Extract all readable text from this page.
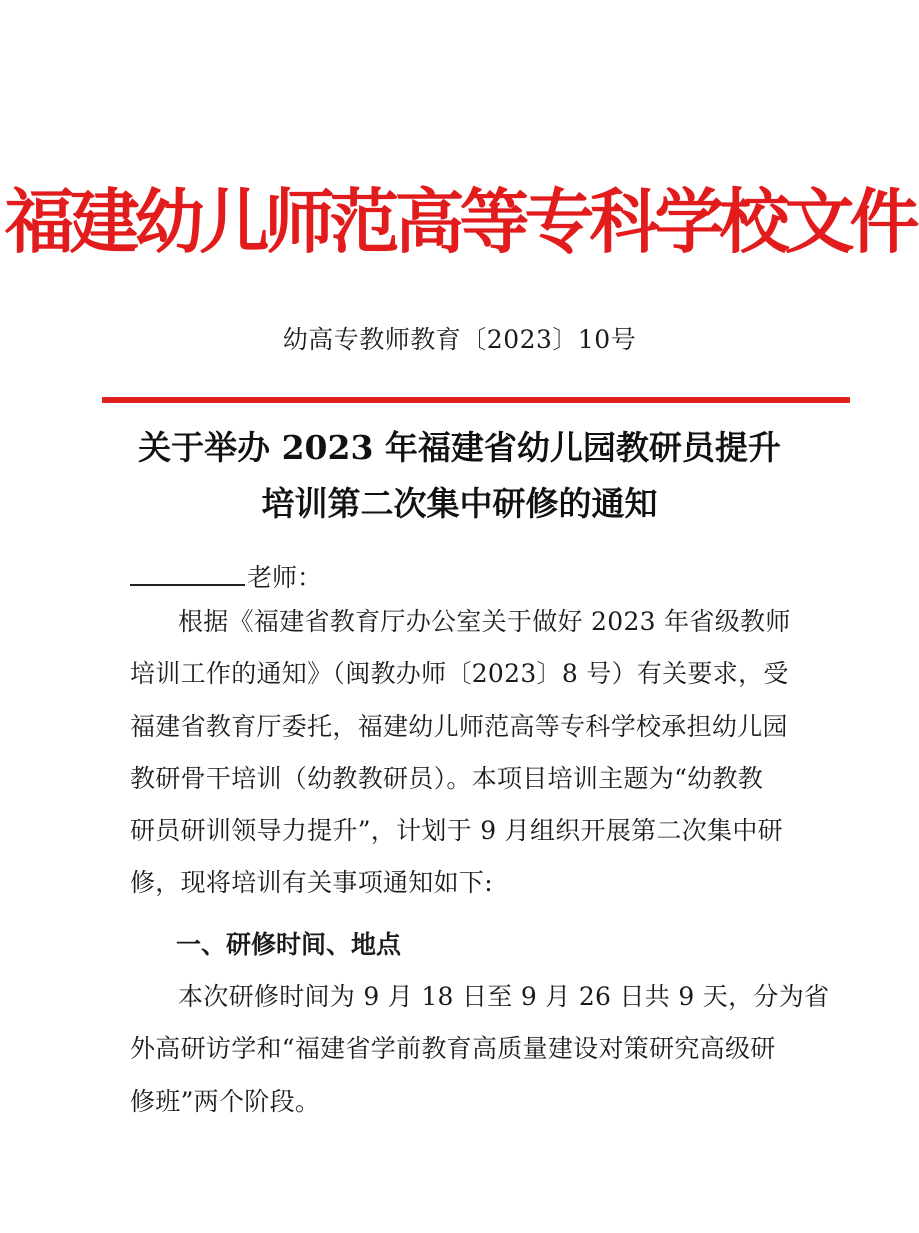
福建幼儿师范高等专科学校文件
幼高专教师教育〔2023〕10号
关于举办 2023 年福建省幼儿园教研员提升
培训第二次集中研修的通知
老师：
根据《福建省教育厅办公室关于做好 2023 年省级教师
培训工作的通知》（闽教办师〔2023〕8 号）有关要求，受
福建省教育厅委托，福建幼儿师范高等专科学校承担幼儿园
教研骨干培训（幼教教研员）。本项目培训主题为“幼教教
研员研训领导力提升”，计划于 9 月组织开展第二次集中研
修，现将培训有关事项通知如下:
一、研修时间、地点
本次研修时间为 9 月 18 日至 9 月 26 日共 9 天，分为省
外高研访学和“福建省学前教育高质量建设对策研究高级研
修班”两个阶段。
